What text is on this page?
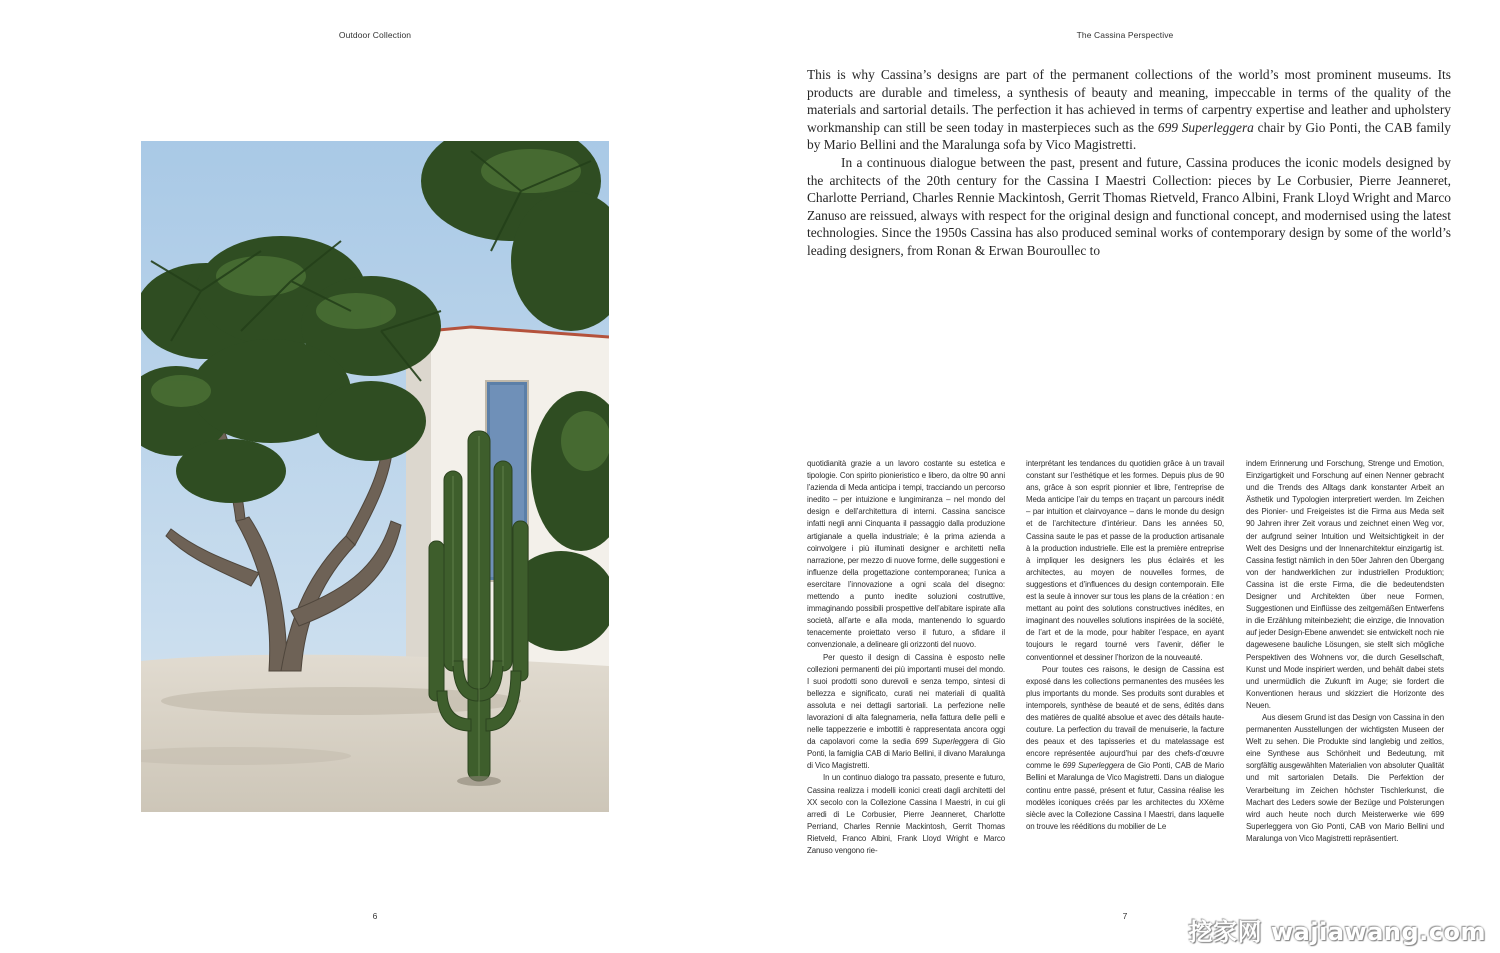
Outdoor Collection
6
The Cassina Perspective

This is why Cassina’s designs are part of the permanent collections of the world’s most prominent museums. Its products are durable and timeless, a synthesis of beauty and meaning, impeccable in terms of the quality of the materials and sartorial details. The perfection it has achieved in terms of carpentry expertise and leather and upholstery workmanship can still be seen today in masterpieces such as the 699 Superleggera chair by Gio Ponti, the CAB family by Mario Bellini and the Maralunga sofa by Vico Magistretti.

In a continuous dialogue between the past, present and future, Cassina produces the iconic models designed by the architects of the 20th century for the Cassina I Maestri Collection: pieces by Le Corbusier, Pierre Jeanneret, Charlotte Perriand, Charles Rennie Mackintosh, Gerrit Thomas Rietveld, Franco Albini, Frank Lloyd Wright and Marco Zanuso are reissued, always with respect for the original design and functional concept, and modernised using the latest technologies. Since the 1950s Cassina has also produced seminal works of contemporary design by some of the world’s leading designers, from Ronan & Erwan Bouroullec to

quotidianità grazie a un lavoro costante su estetica e tipologie. Con spirito pionieristico e libero, da oltre 90 anni l’azienda di Meda anticipa i tempi, tracciando un percorso inedito – per intuizione e lungimiranza – nel mondo del design e dell’architettura di interni. Cassina sancisce infatti negli anni Cinquanta il passaggio dalla produzione artigianale a quella industriale; è la prima azienda a coinvolgere i più illuminati designer e architetti nella narrazione, per mezzo di nuove forme, delle suggestioni e influenze della progettazione contemporanea; l’unica a esercitare l’innovazione a ogni scala del disegno: mettendo a punto inedite soluzioni costruttive, immaginando possibili prospettive dell’abitare ispirate alla società, all’arte e alla moda, mantenendo lo sguardo tenacemente proiettato verso il futuro, a sfidare il convenzionale, a delineare gli orizzonti del nuovo.

Per questo il design di Cassina è esposto nelle collezioni permanenti dei più importanti musei del mondo. I suoi prodotti sono durevoli e senza tempo, sintesi di bellezza e significato, curati nei materiali di qualità assoluta e nei dettagli sartoriali. La perfezione nelle lavorazioni di alta falegnameria, nella fattura delle pelli e nelle tappezzerie e imbottiti è rappresentata ancora oggi da capolavori come la sedia 699 Superleggera di Gio Ponti, la famiglia CAB di Mario Bellini, il divano Maralunga di Vico Magistretti.

In un continuo dialogo tra passato, presente e futuro, Cassina realizza i modelli iconici creati dagli architetti del XX secolo con la Collezione Cassina I Maestri, in cui gli arredi di Le Corbusier, Pierre Jeanneret, Charlotte Perriand, Charles Rennie Mackintosh, Gerrit Thomas Rietveld, Franco Albini, Frank Lloyd Wright e Marco Zanuso vengono rie-

interprétant les tendances du quotidien grâce à un travail constant sur l’esthétique et les formes. Depuis plus de 90 ans, grâce à son esprit pionnier et libre, l’entreprise de Meda anticipe l’air du temps en traçant un parcours inédit – par intuition et clairvoyance – dans le monde du design et de l’architecture d’intérieur. Dans les années 50, Cassina saute le pas et passe de la production artisanale à la production industrielle. Elle est la première entreprise à impliquer les designers les plus éclairés et les architectes, au moyen de nouvelles formes, de suggestions et d’influences du design contemporain. Elle est la seule à innover sur tous les plans de la création : en mettant au point des solutions constructives inédites, en imaginant des nouvelles solutions inspirées de la société, de l’art et de la mode, pour habiter l’espace, en ayant toujours le regard tourné vers l’avenir, défier le conventionnel et dessiner l’horizon de la nouveauté.

Pour toutes ces raisons, le design de Cassina est exposé dans les collections permanentes des musées les plus importants du monde. Ses produits sont durables et intemporels, synthèse de beauté et de sens, édités dans des matières de qualité absolue et avec des détails haute-couture. La perfection du travail de menuiserie, la facture des peaux et des tapisseries et du matelassage est encore représentée aujourd’hui par des chefs-d’œuvre comme le 699 Superleggera de Gio Ponti, CAB de Mario Bellini et Maralunga de Vico Magistretti. Dans un dialogue continu entre passé, présent et futur, Cassina réalise les modèles iconiques créés par les architectes du XXème siècle avec la Collezione Cassina I Maestri, dans laquelle on trouve les rééditions du mobilier de Le

indem Erinnerung und Forschung, Strenge und Emotion, Einzigartigkeit und Forschung auf einen Nenner gebracht und die Trends des Alltags dank konstanter Arbeit an Ästhetik und Typologien interpretiert werden. Im Zeichen des Pionier- und Freigeistes ist die Firma aus Meda seit 90 Jahren ihrer Zeit voraus und zeichnet einen Weg vor, der aufgrund seiner Intuition und Weitsichtigkeit in der Welt des Designs und der Innenarchitektur einzigartig ist. Cassina festigt nämlich in den 50er Jahren den Übergang von der handwerklichen zur industriellen Produktion; Cassina ist die erste Firma, die die bedeutendsten Designer und Architekten über neue Formen, Suggestionen und Einflüsse des zeitgemäßen Entwerfens in die Erzählung miteinbezieht; die einzige, die Innovation auf jeder Design-Ebene anwendet: sie entwickelt noch nie dagewesene bauliche Lösungen, sie stellt sich mögliche Perspektiven des Wohnens vor, die durch Gesellschaft, Kunst und Mode inspiriert werden, und behält dabei stets und unermüdlich die Zukunft im Auge; sie fordert die Konventionen heraus und skizziert die Horizonte des Neuen.

Aus diesem Grund ist das Design von Cassina in den permanenten Ausstellungen der wichtigsten Museen der Welt zu sehen. Die Produkte sind langlebig und zeitlos, eine Synthese aus Schönheit und Bedeutung, mit sorgfältig ausgewählten Materialien von absoluter Qualität und mit sartorialen Details. Die Perfektion der Verarbeitung im Zeichen höchster Tischlerkunst, die Machart des Leders sowie der Bezüge und Polsterungen wird auch heute noch durch Meisterwerke wie 699 Superleggera von Gio Ponti, CAB von Mario Bellini und Maralunga von Vico Magistretti repräsentiert.

7
挖家网 wajiawang.com
